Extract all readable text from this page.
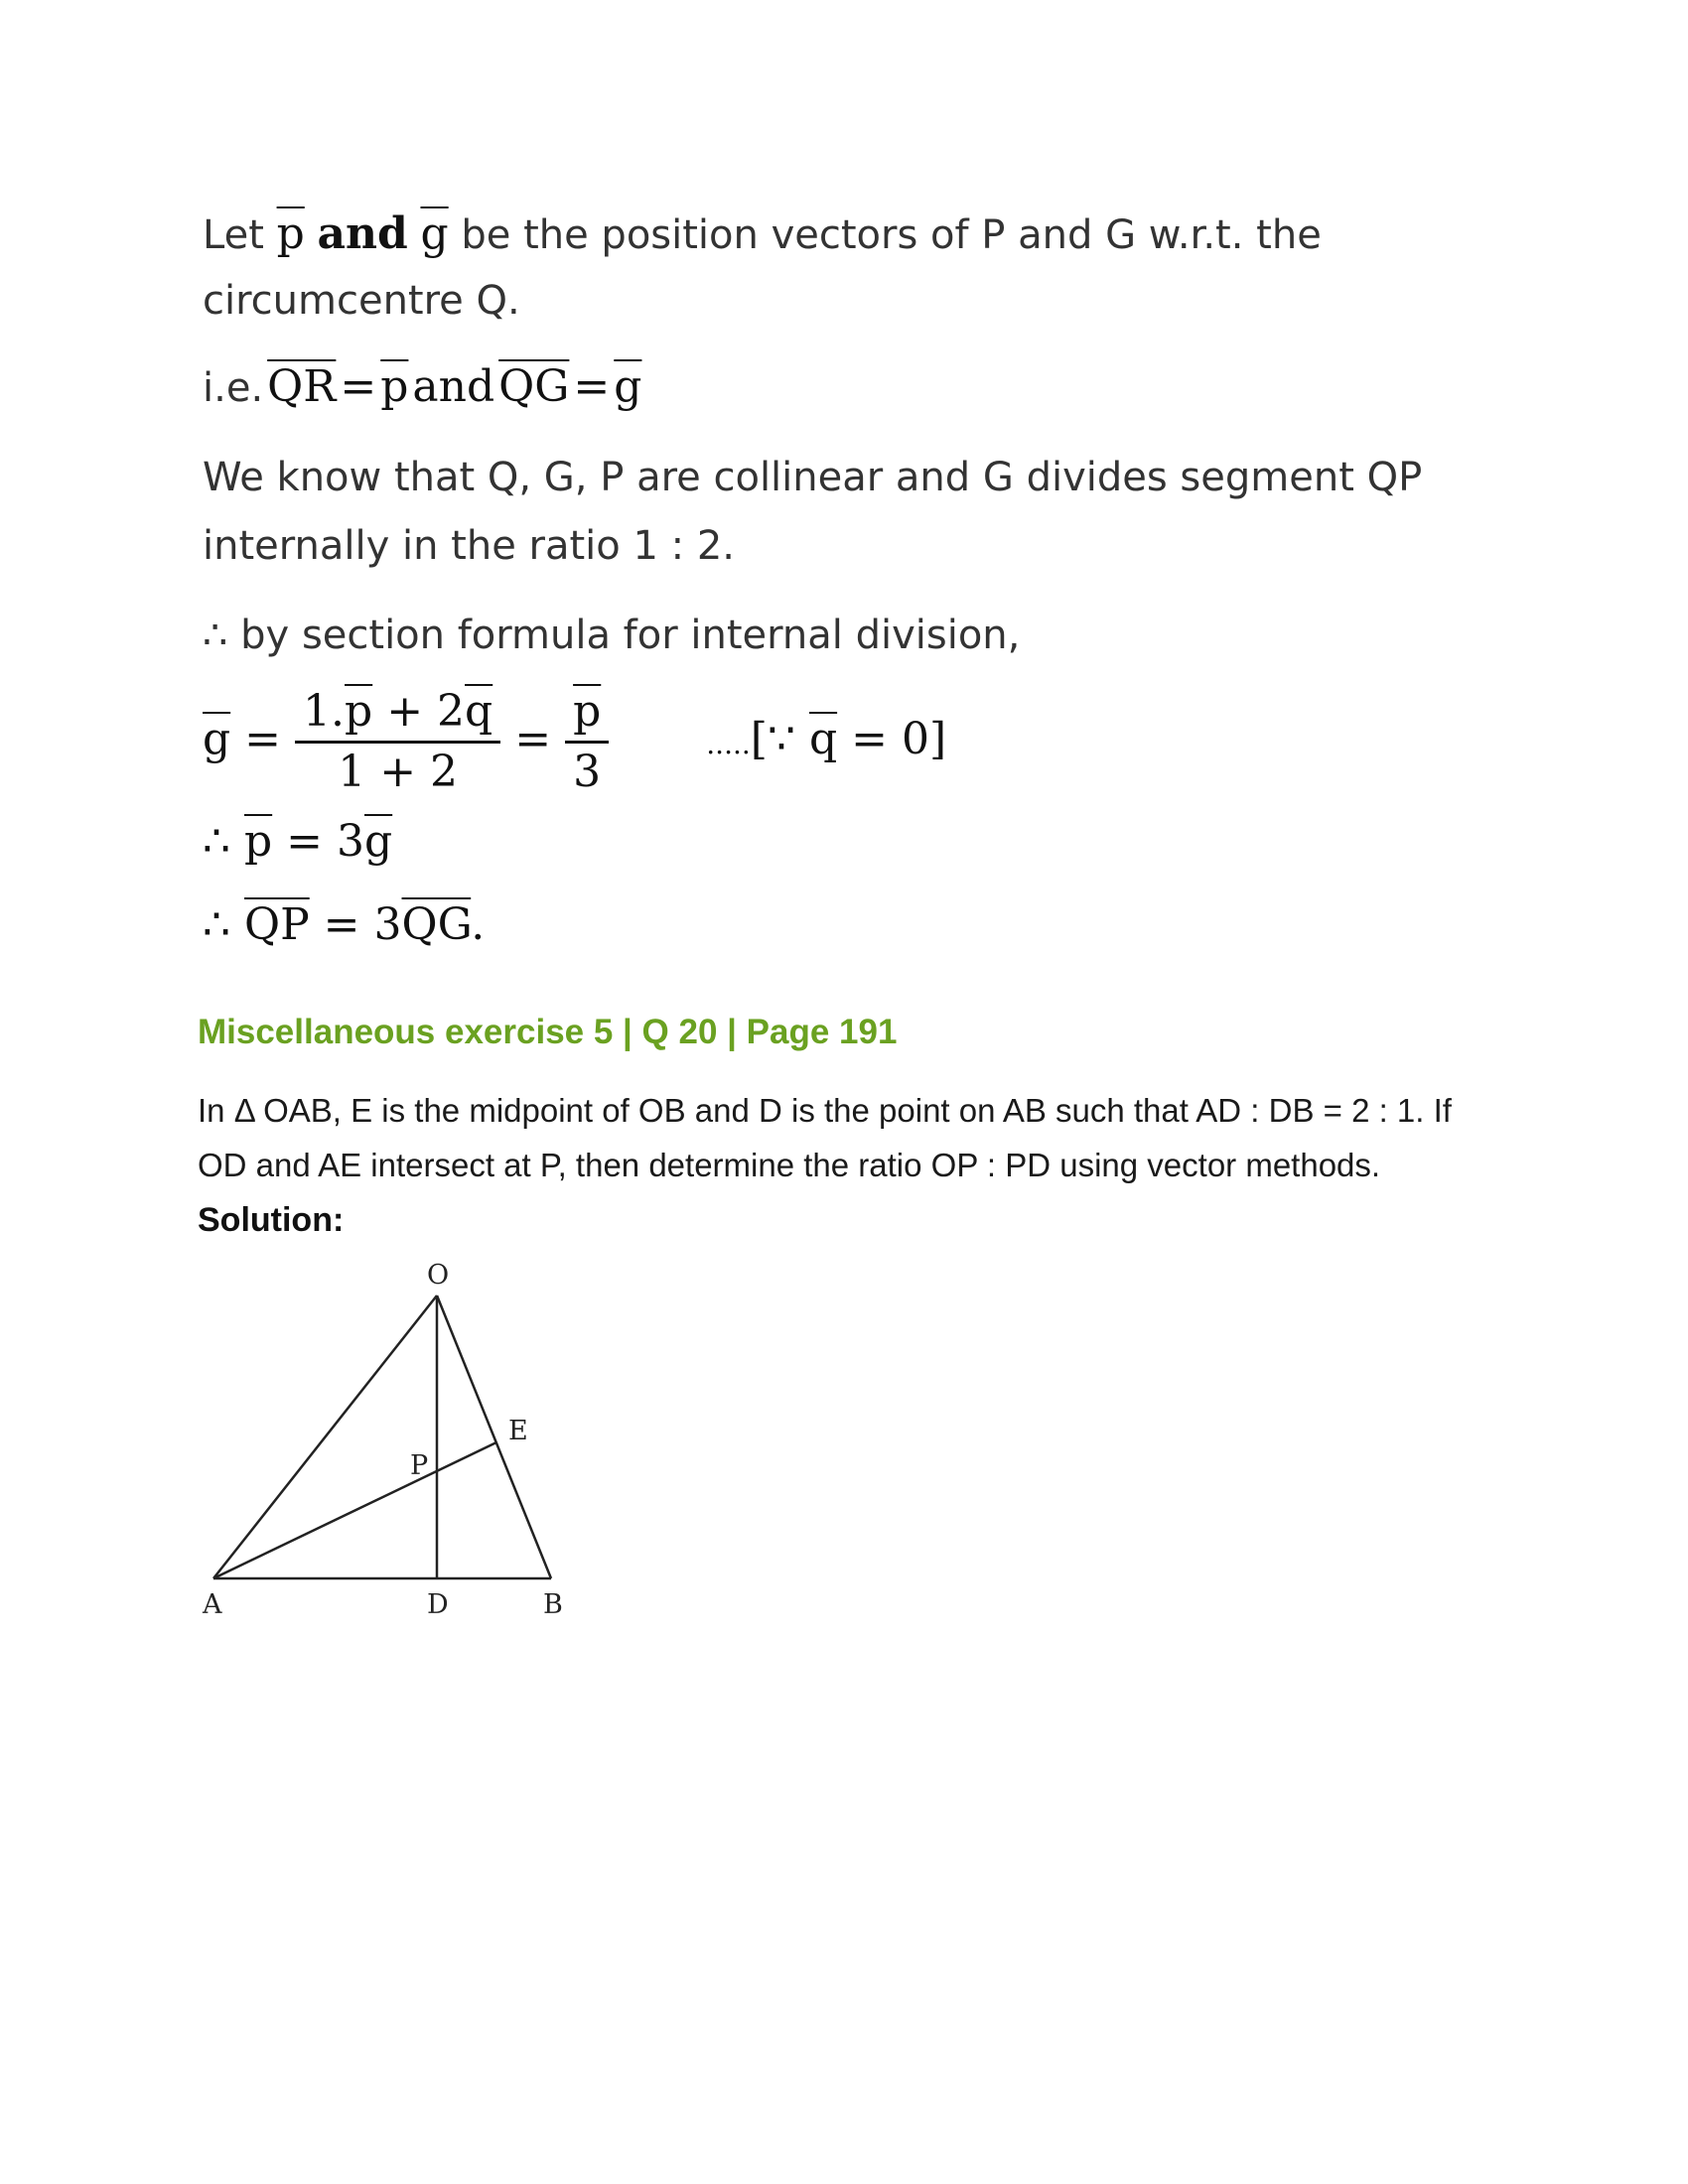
Let $\overline{p}$ and $\overline{g}$ be the position vectors of P and G w.r.t. the
circumcentre Q.
i.e. $\overline{QR} = \overline{p}$ and $\overline{QG} = \overline{g}$
We know that Q, G, P are collinear and G divides segment QP
internally in the ratio 1 : 2.
∴ by section formula for internal division,
$\overline{g} = \frac{1.\overline{p} + 2\overline{q}}{1 + 2} = \frac{\overline{p}}{3}$	.....[∵ $\overline{q} = 0$]
∴ $\overline{p} = 3\overline{g}$
∴ $\overline{QP} = 3\overline{QG}$.
Miscellaneous exercise 5 | Q 20 | Page 191
In Δ OAB, E is the midpoint of OB and D is the point on AB such that AD : DB = 2 : 1. If
OD and AE intersect at P, then determine the ratio OP : PD using vector methods.
Solution:
O
E
P
A	D	B
